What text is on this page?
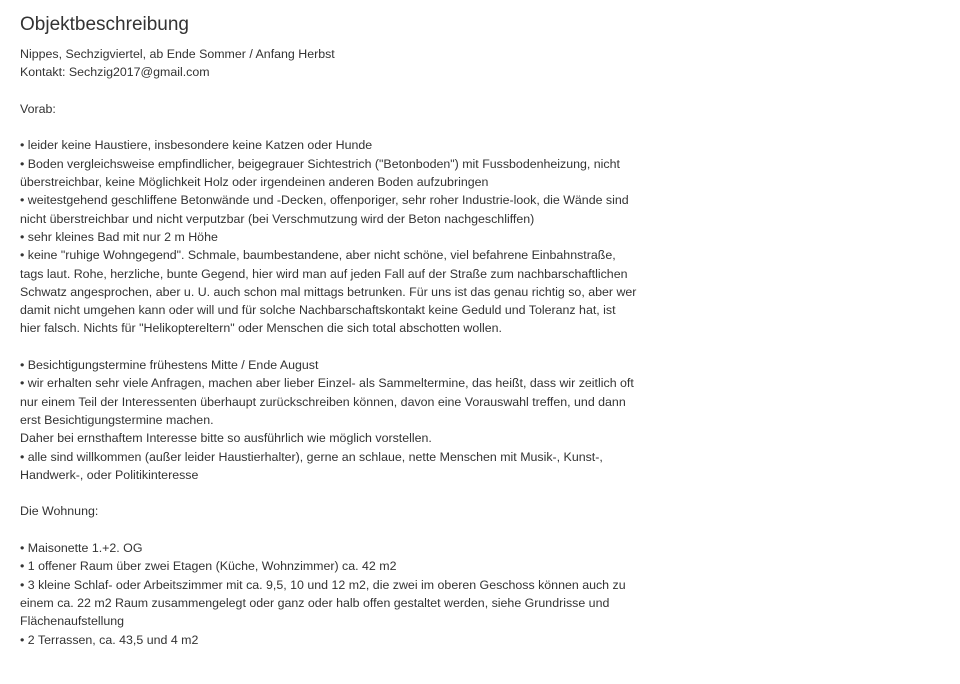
Objektbeschreibung
Nippes, Sechzigviertel, ab Ende Sommer / Anfang Herbst
Kontakt: Sechzig2017@gmail.com
Vorab:
• leider keine Haustiere, insbesondere keine Katzen oder Hunde
• Boden vergleichsweise empfindlicher, beigegrauer Sichtestrich ("Betonboden") mit Fussbodenheizung, nicht
überstreichbar, keine Möglichkeit Holz oder irgendeinen anderen Boden aufzubringen
• weitestgehend geschliffene Betonwände und -Decken, offenporiger, sehr roher Industrie-look, die Wände sind
nicht überstreichbar und nicht verputzbar (bei Verschmutzung wird der Beton nachgeschliffen)
• sehr kleines Bad mit nur 2 m Höhe
• keine "ruhige Wohngegend". Schmale, baumbestandene, aber nicht schöne, viel befahrene Einbahnstraße,
tags laut. Rohe, herzliche, bunte Gegend, hier wird man auf jeden Fall auf der Straße zum nachbarschaftlichen
Schwatz angesprochen, aber u. U. auch schon mal mittags betrunken. Für uns ist das genau richtig so, aber wer
damit nicht umgehen kann oder will und für solche Nachbarschaftskontakt keine Geduld und Toleranz hat, ist
hier falsch. Nichts für "Helikoptereltern" oder Menschen die sich total abschotten wollen.
• Besichtigungstermine frühestens Mitte / Ende August
• wir erhalten sehr viele Anfragen, machen aber lieber Einzel- als Sammeltermine, das heißt, dass wir zeitlich oft
nur einem Teil der Interessenten überhaupt zurückschreiben können, davon eine Vorauswahl treffen, und dann
erst Besichtigungstermine machen.
Daher bei ernsthaftem Interesse bitte so ausführlich wie möglich vorstellen.
• alle sind willkommen (außer leider Haustierhalter), gerne an schlaue, nette Menschen mit Musik-, Kunst-,
Handwerk-, oder Politikinteresse
Die Wohnung:
• Maisonette 1.+2. OG
• 1 offener Raum über zwei Etagen (Küche, Wohnzimmer) ca. 42 m2
• 3 kleine Schlaf- oder Arbeitszimmer mit ca. 9,5, 10 und 12 m2, die zwei im oberen Geschoss können auch zu
einem ca. 22 m2 Raum zusammengelegt oder ganz oder halb offen gestaltet werden, siehe Grundrisse und
Flächenaufstellung
• 2 Terrassen, ca. 43,5 und 4 m2
